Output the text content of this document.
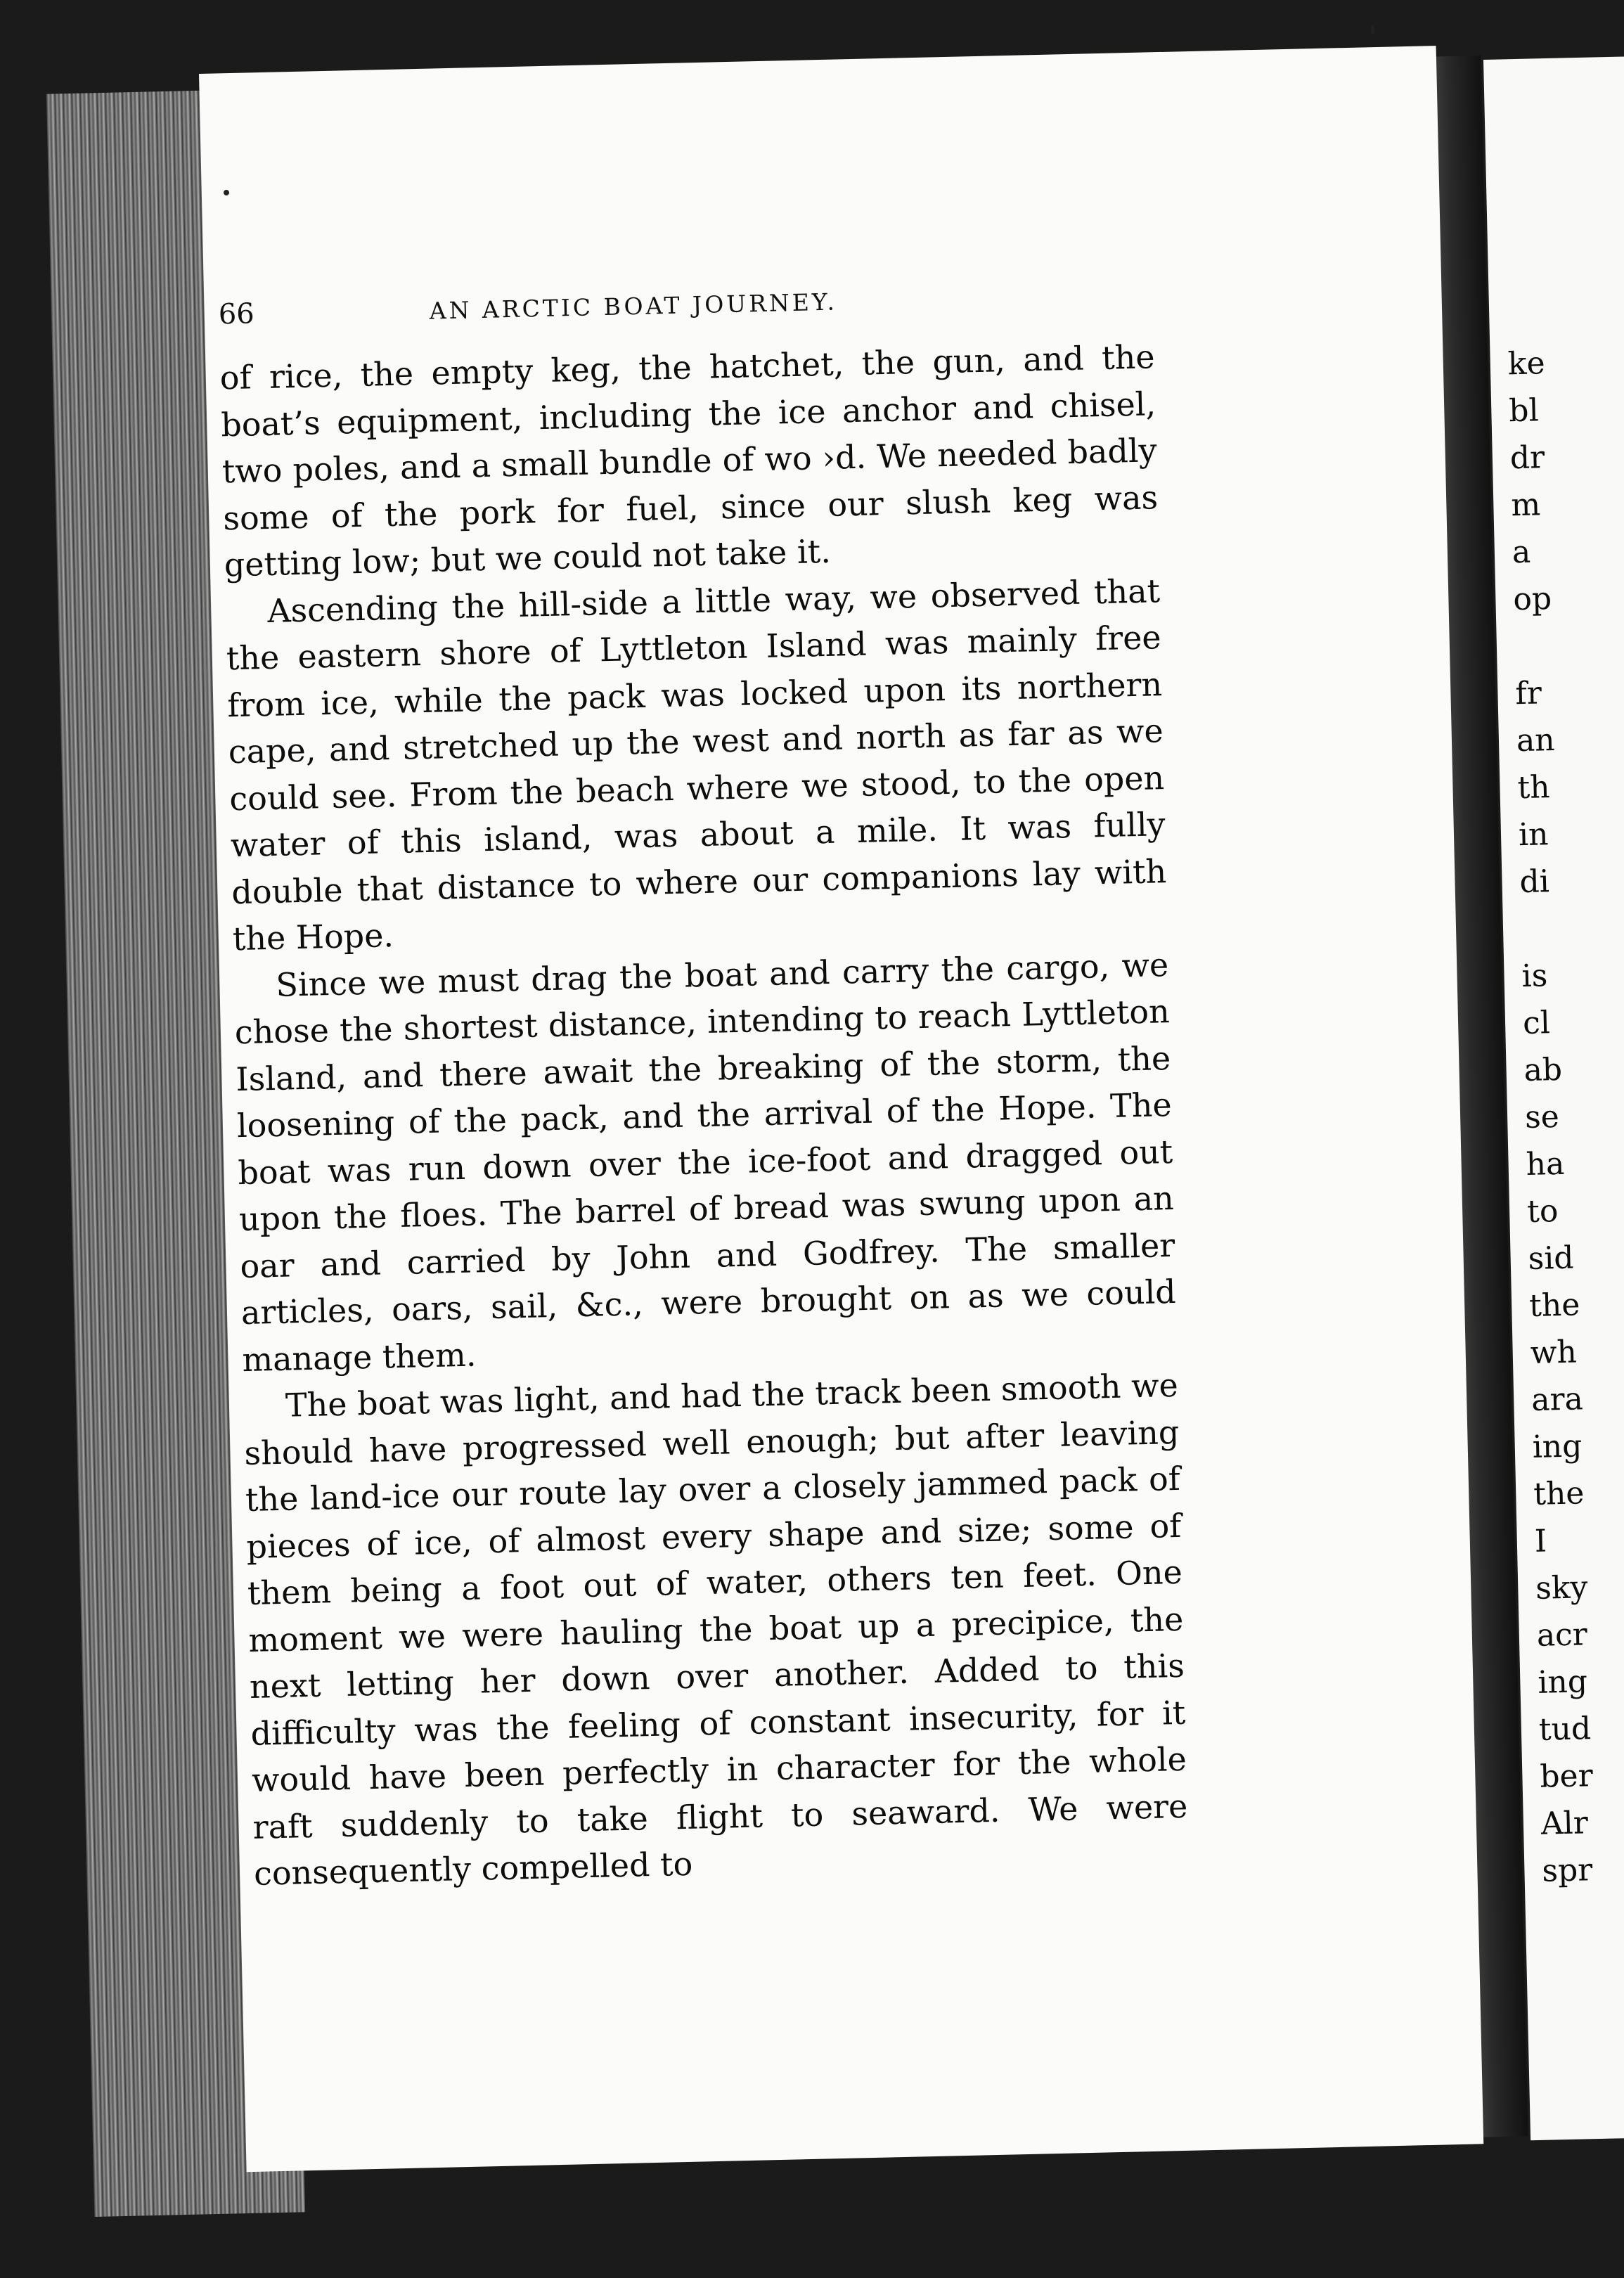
66	AN ARCTIC BOAT JOURNEY.

of rice, the empty keg, the hatchet, the gun, and the boat’s equipment, including the ice anchor and chisel, two poles, and a small bundle of wo ›d. We needed badly some of the pork for fuel, since our slush keg was getting low; but we could not take it.

Ascending the hill-side a little way, we observed that the eastern shore of Lyttleton Island was mainly free from ice, while the pack was locked upon its northern cape, and stretched up the west and north as far as we could see. From the beach where we stood, to the open water of this island, was about a mile. It was fully double that distance to where our companions lay with the Hope.

Since we must drag the boat and carry the cargo, we chose the shortest distance, intending to reach Lyttleton Island, and there await the breaking of the storm, the loosening of the pack, and the arrival of the Hope. The boat was run down over the ice-foot and dragged out upon the floes. The barrel of bread was swung upon an oar and carried by John and Godfrey. The smaller articles, oars, sail, &c., were brought on as we could manage them.

The boat was light, and had the track been smooth we should have progressed well enough; but after leaving the land-ice our route lay over a closely jammed pack of pieces of ice, of almost every shape and size; some of them being a foot out of water, others ten feet. One moment we were hauling the boat up a precipice, the next letting her down over another. Added to this difficulty was the feeling of constant insecurity, for it would have been perfectly in character for the whole raft suddenly to take flight to seaward. We were consequently compelled to

ke
bl
dr
m
a
op
fr
an
th
in
di
is
cl
ab
se
ha
to
sid
the
wh
ara
ing
the
I
sky
acr
ing
tud
ber
Alr
spr
